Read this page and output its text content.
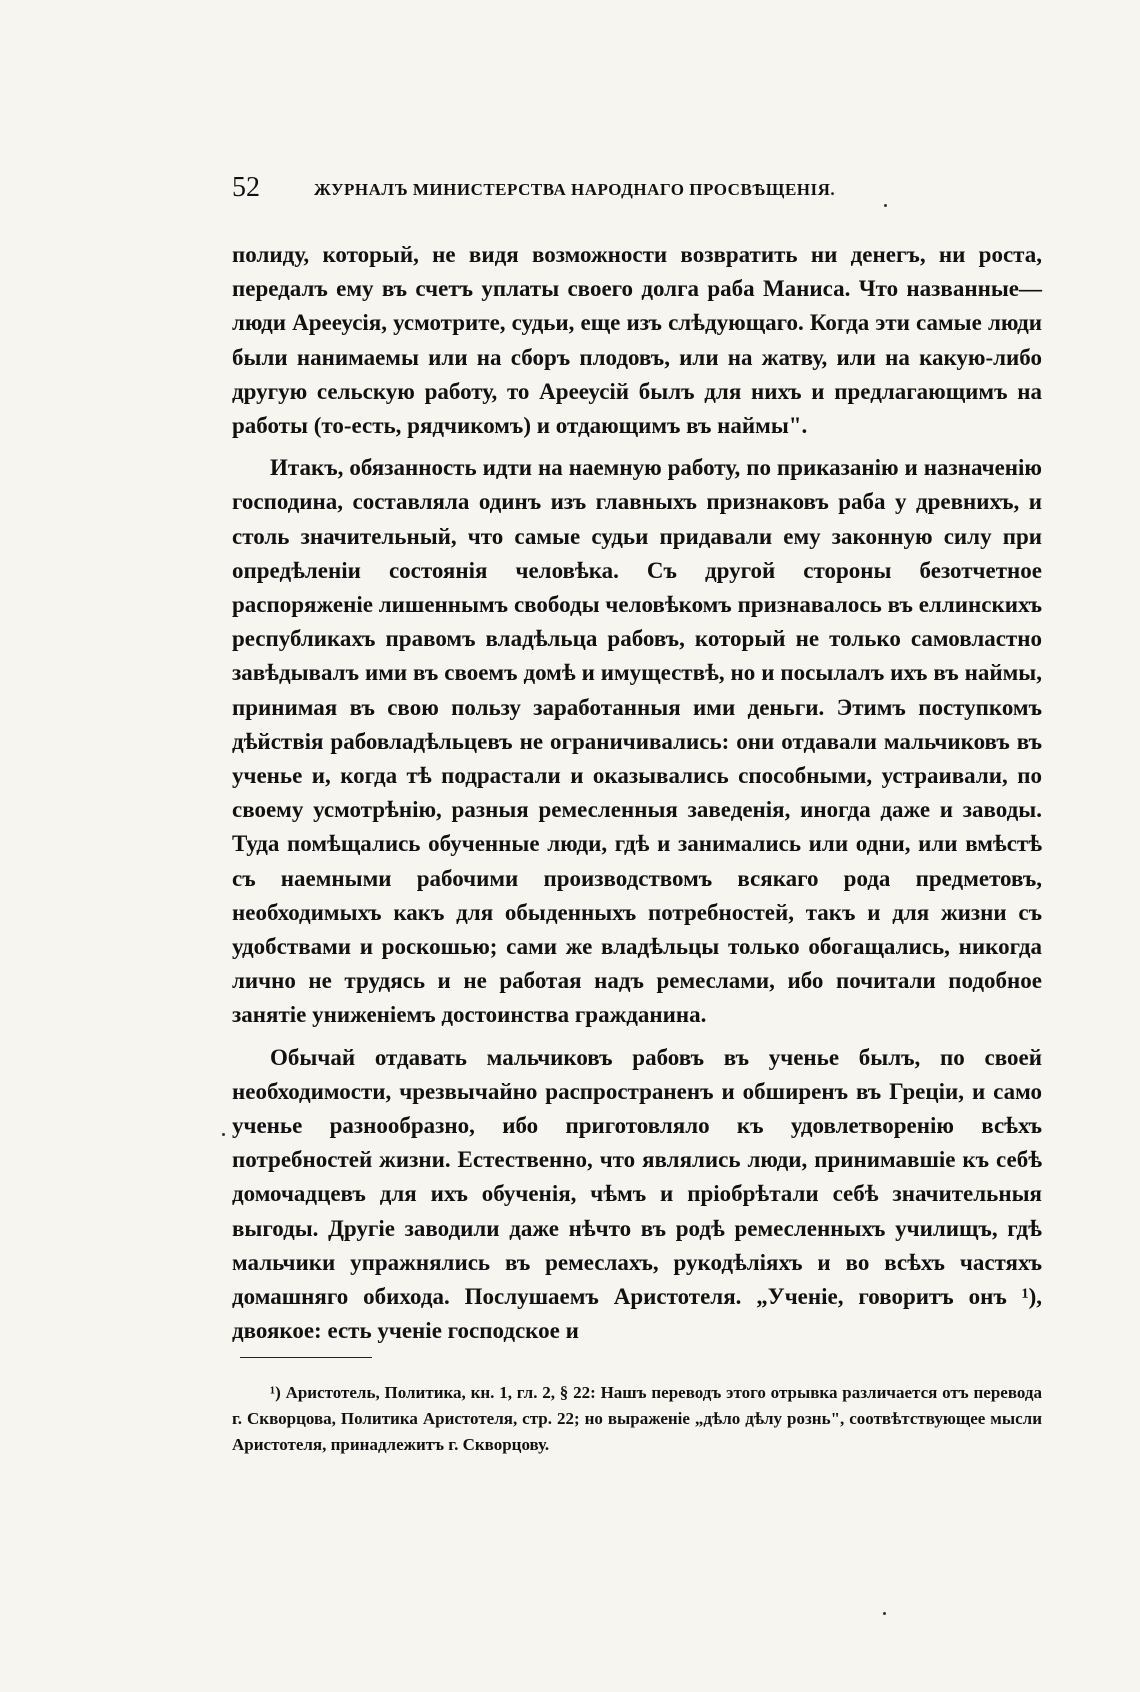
52	ЖУРНАЛЪ МИНИСТЕРСТВА НАРОДНАГО ПРОСВѢЩЕНІЯ.

полиду, который, не видя возможности возвратить ни денегъ, ни роста, передалъ ему въ счетъ уплаты своего долга раба Маниса. Что названные—люди Арееусія, усмотрите, судьи, еще изъ слѣдующаго. Когда эти самые люди были нанимаемы или на сборъ плодовъ, или на жатву, или на какую-либо другую сельскую работу, то Арееусій былъ для нихъ и предлагающимъ на работы (то-есть, рядчикомъ) и отдающимъ въ наймы".

Итакъ, обязанность идти на наемную работу, по приказанію и назначенію господина, составляла одинъ изъ главныхъ признаковъ раба у древнихъ, и столь значительный, что самые судьи придавали ему законную силу при опредѣленіи состоянія человѣка. Съ другой стороны безотчетное распоряженіе лишеннымъ свободы человѣкомъ признавалось въ еллинскихъ республикахъ правомъ владѣльца рабовъ, который не только самовластно завѣдывалъ ими въ своемъ домѣ и имуществѣ, но и посылалъ ихъ въ наймы, принимая въ свою пользу заработанныя ими деньги. Этимъ поступкомъ дѣйствія рабовладѣльцевъ не ограничивались: они отдавали мальчиковъ въ ученье и, когда тѣ подрастали и оказывались способными, устраивали, по своему усмотрѣнію, разныя ремесленныя заведенія, иногда даже и заводы. Туда помѣщались обученные люди, гдѣ и занимались или одни, или вмѣстѣ съ наемными рабочими производствомъ всякаго рода предметовъ, необходимыхъ какъ для обыденныхъ потребностей, такъ и для жизни съ удобствами и роскошью; сами же владѣльцы только обогащались, никогда лично не трудясь и не работая надъ ремеслами, ибо почитали подобное занятіе униженіемъ достоинства гражданина.

Обычай отдавать мальчиковъ рабовъ въ ученье былъ, по своей необходимости, чрезвычайно распространенъ и обширенъ въ Греціи, и само ученье разнообразно, ибо приготовляло къ удовлетворенію всѣхъ потребностей жизни. Естественно, что являлись люди, принимавшіе къ себѣ домочадцевъ для ихъ обученія, чѣмъ и пріобрѣтали себѣ значительныя выгоды. Другіе заводили даже нѣчто въ родѣ ремесленныхъ училищъ, гдѣ мальчики упражнялись въ ремеслахъ, рукодѣліяхъ и во всѣхъ частяхъ домашняго обихода. Послушаемъ Аристотеля. „Ученіе, говоритъ онъ ¹), двоякое: есть ученіе господское и

¹) Аристотель, Политика, кн. 1, гл. 2, § 22: Нашъ переводъ этого отрывка различается отъ перевода г. Скворцова, Политика Аристотеля, стр. 22; но выраженіе „дѣло дѣлу рознь", соотвѣтствующее мысли Аристотеля, принадлежитъ г. Скворцову.
